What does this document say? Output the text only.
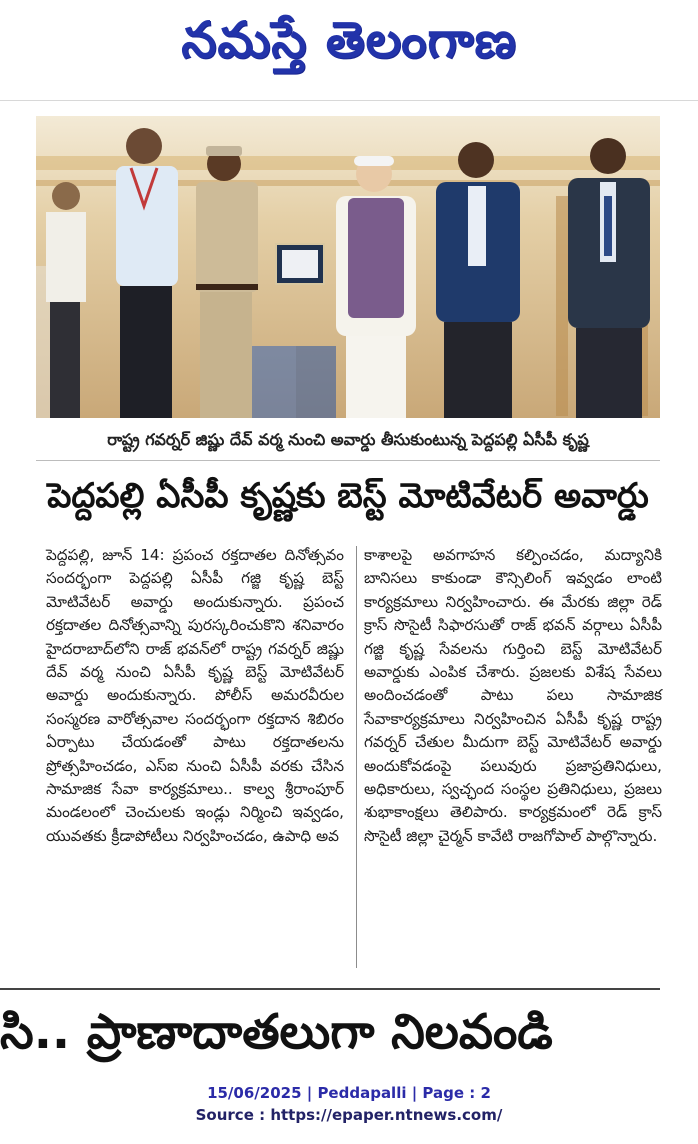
నమస్తే తెలంగాణ
రాష్ట్ర గవర్నర్ జిష్ణు దేవ్ వర్మ నుంచి అవార్డు తీసుకుంటున్న పెద్దపల్లి ఏసీపీ కృష్ణ
పెద్దపల్లి ఏసీపీ కృష్ణకు బెస్ట్ మోటివేటర్ అవార్డు
పెద్దపల్లి, జూన్ 14: ప్రపంచ రక్తదాతల దినోత్సవం సందర్భంగా పెద్దపల్లి ఏసీపీ గజ్జి కృష్ణ బెస్ట్ మోటివేటర్ అవార్డు అందుకున్నారు. ప్రపంచ రక్తదాతల దినోత్సవాన్ని పురస్కరించుకొని శనివారం హైదరాబాద్‌లోని రాజ్ భవన్‌లో రాష్ట్ర గవర్నర్ జిష్ణు దేవ్ వర్మ నుంచి ఏసీపీ కృష్ణ బెస్ట్ మోటివేటర్ అవార్డు అందుకున్నారు. పోలీస్ అమరవీరుల సంస్మరణ వారోత్సవాల సందర్భంగా రక్తదాన శిబిరం ఏర్పాటు చేయడంతో పాటు రక్తదాతలను ప్రోత్సహించడం, ఎస్ఐ నుంచి ఏసీపీ వరకు చేసిన సామాజిక సేవా కార్యక్రమాలు.. కాల్వ శ్రీరాంపూర్ మండలంలో చెంచులకు ఇండ్లు నిర్మించి ఇవ్వడం, యువతకు క్రీడాపోటీలు నిర్వహించడం, ఉపాధి అవ
కాశాలపై అవగాహన కల్పించడం, మద్యానికి బానిసలు కాకుండా కౌన్సిలింగ్ ఇవ్వడం లాంటి కార్యక్రమాలు నిర్వహించారు. ఈ మేరకు జిల్లా రెడ్ క్రాస్ సొసైటీ సిఫారసుతో రాజ్ భవన్ వర్గాలు ఏసీపీ గజ్జి కృష్ణ సేవలను గుర్తించి బెస్ట్ మోటివేటర్ అవార్డుకు ఎంపిక చేశారు. ప్రజలకు విశేష సేవలు అందించడంతో పాటు పలు సామాజిక సేవాకార్యక్రమాలు నిర్వహించిన ఏసీపీ కృష్ణ రాష్ట్ర గవర్నర్ చేతుల మీదుగా బెస్ట్ మోటివేటర్ అవార్డు అందుకోవడంపై పలువురు ప్రజాప్రతినిధులు, అధికారులు, స్వచ్ఛంద సంస్థల ప్రతినిధులు, ప్రజలు శుభాకాంక్షలు తెలిపారు. కార్యక్రమంలో రెడ్ క్రాస్ సొసైటీ జిల్లా చైర్మన్ కావేటి రాజగోపాల్ పాల్గొన్నారు.
సి.. ప్రాణాదాతలుగా నిలవండి
15/06/2025 | Peddapalli | Page : 2
Source : https://epaper.ntnews.com/
